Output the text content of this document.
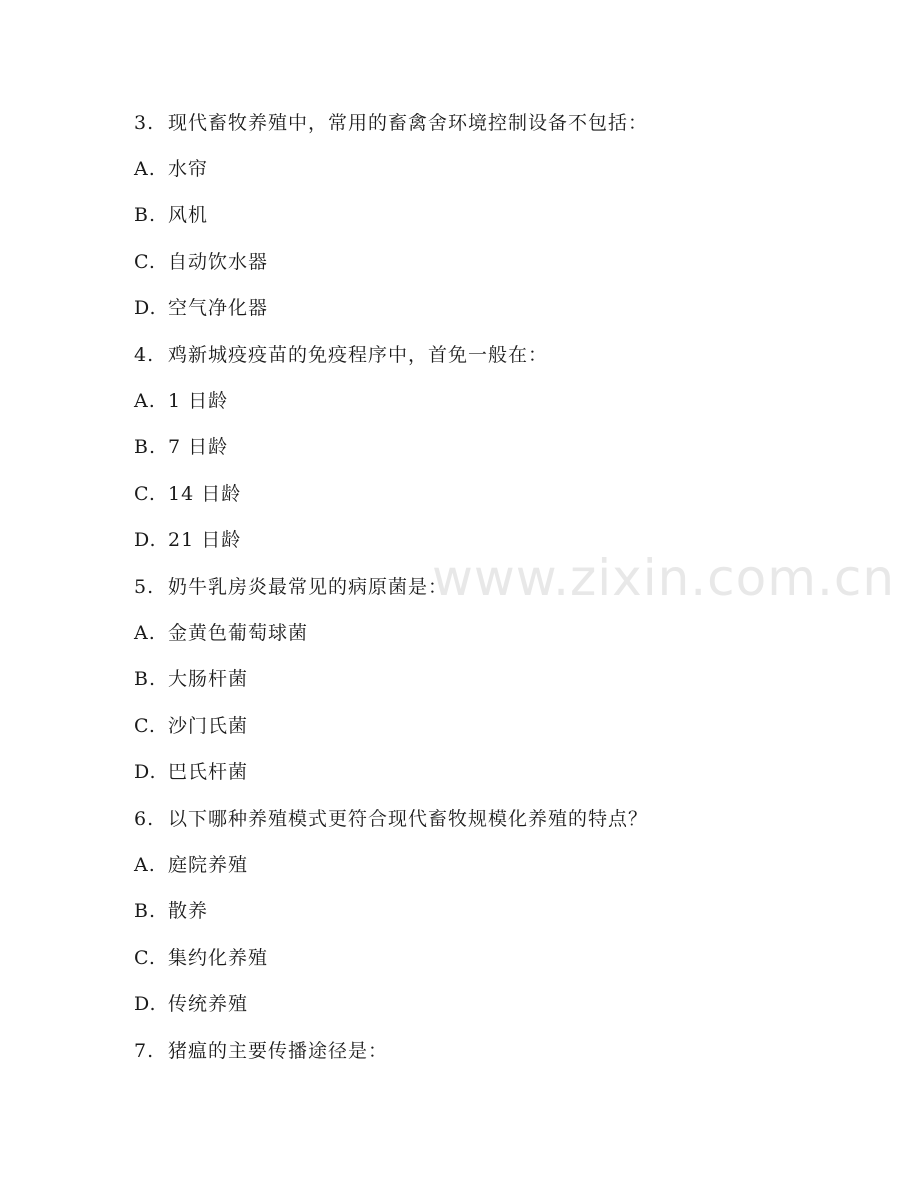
www.zixin.com.cn
3. 现代畜牧养殖中，常用的畜禽舍环境控制设备不包括：
A. 水帘
B. 风机
C. 自动饮水器
D. 空气净化器
4. 鸡新城疫疫苗的免疫程序中，首免一般在：
A. 1 日龄
B. 7 日龄
C. 14 日龄
D. 21 日龄
5. 奶牛乳房炎最常见的病原菌是：
A. 金黄色葡萄球菌
B. 大肠杆菌
C. 沙门氏菌
D. 巴氏杆菌
6. 以下哪种养殖模式更符合现代畜牧规模化养殖的特点？
A. 庭院养殖
B. 散养
C. 集约化养殖
D. 传统养殖
7. 猪瘟的主要传播途径是：
